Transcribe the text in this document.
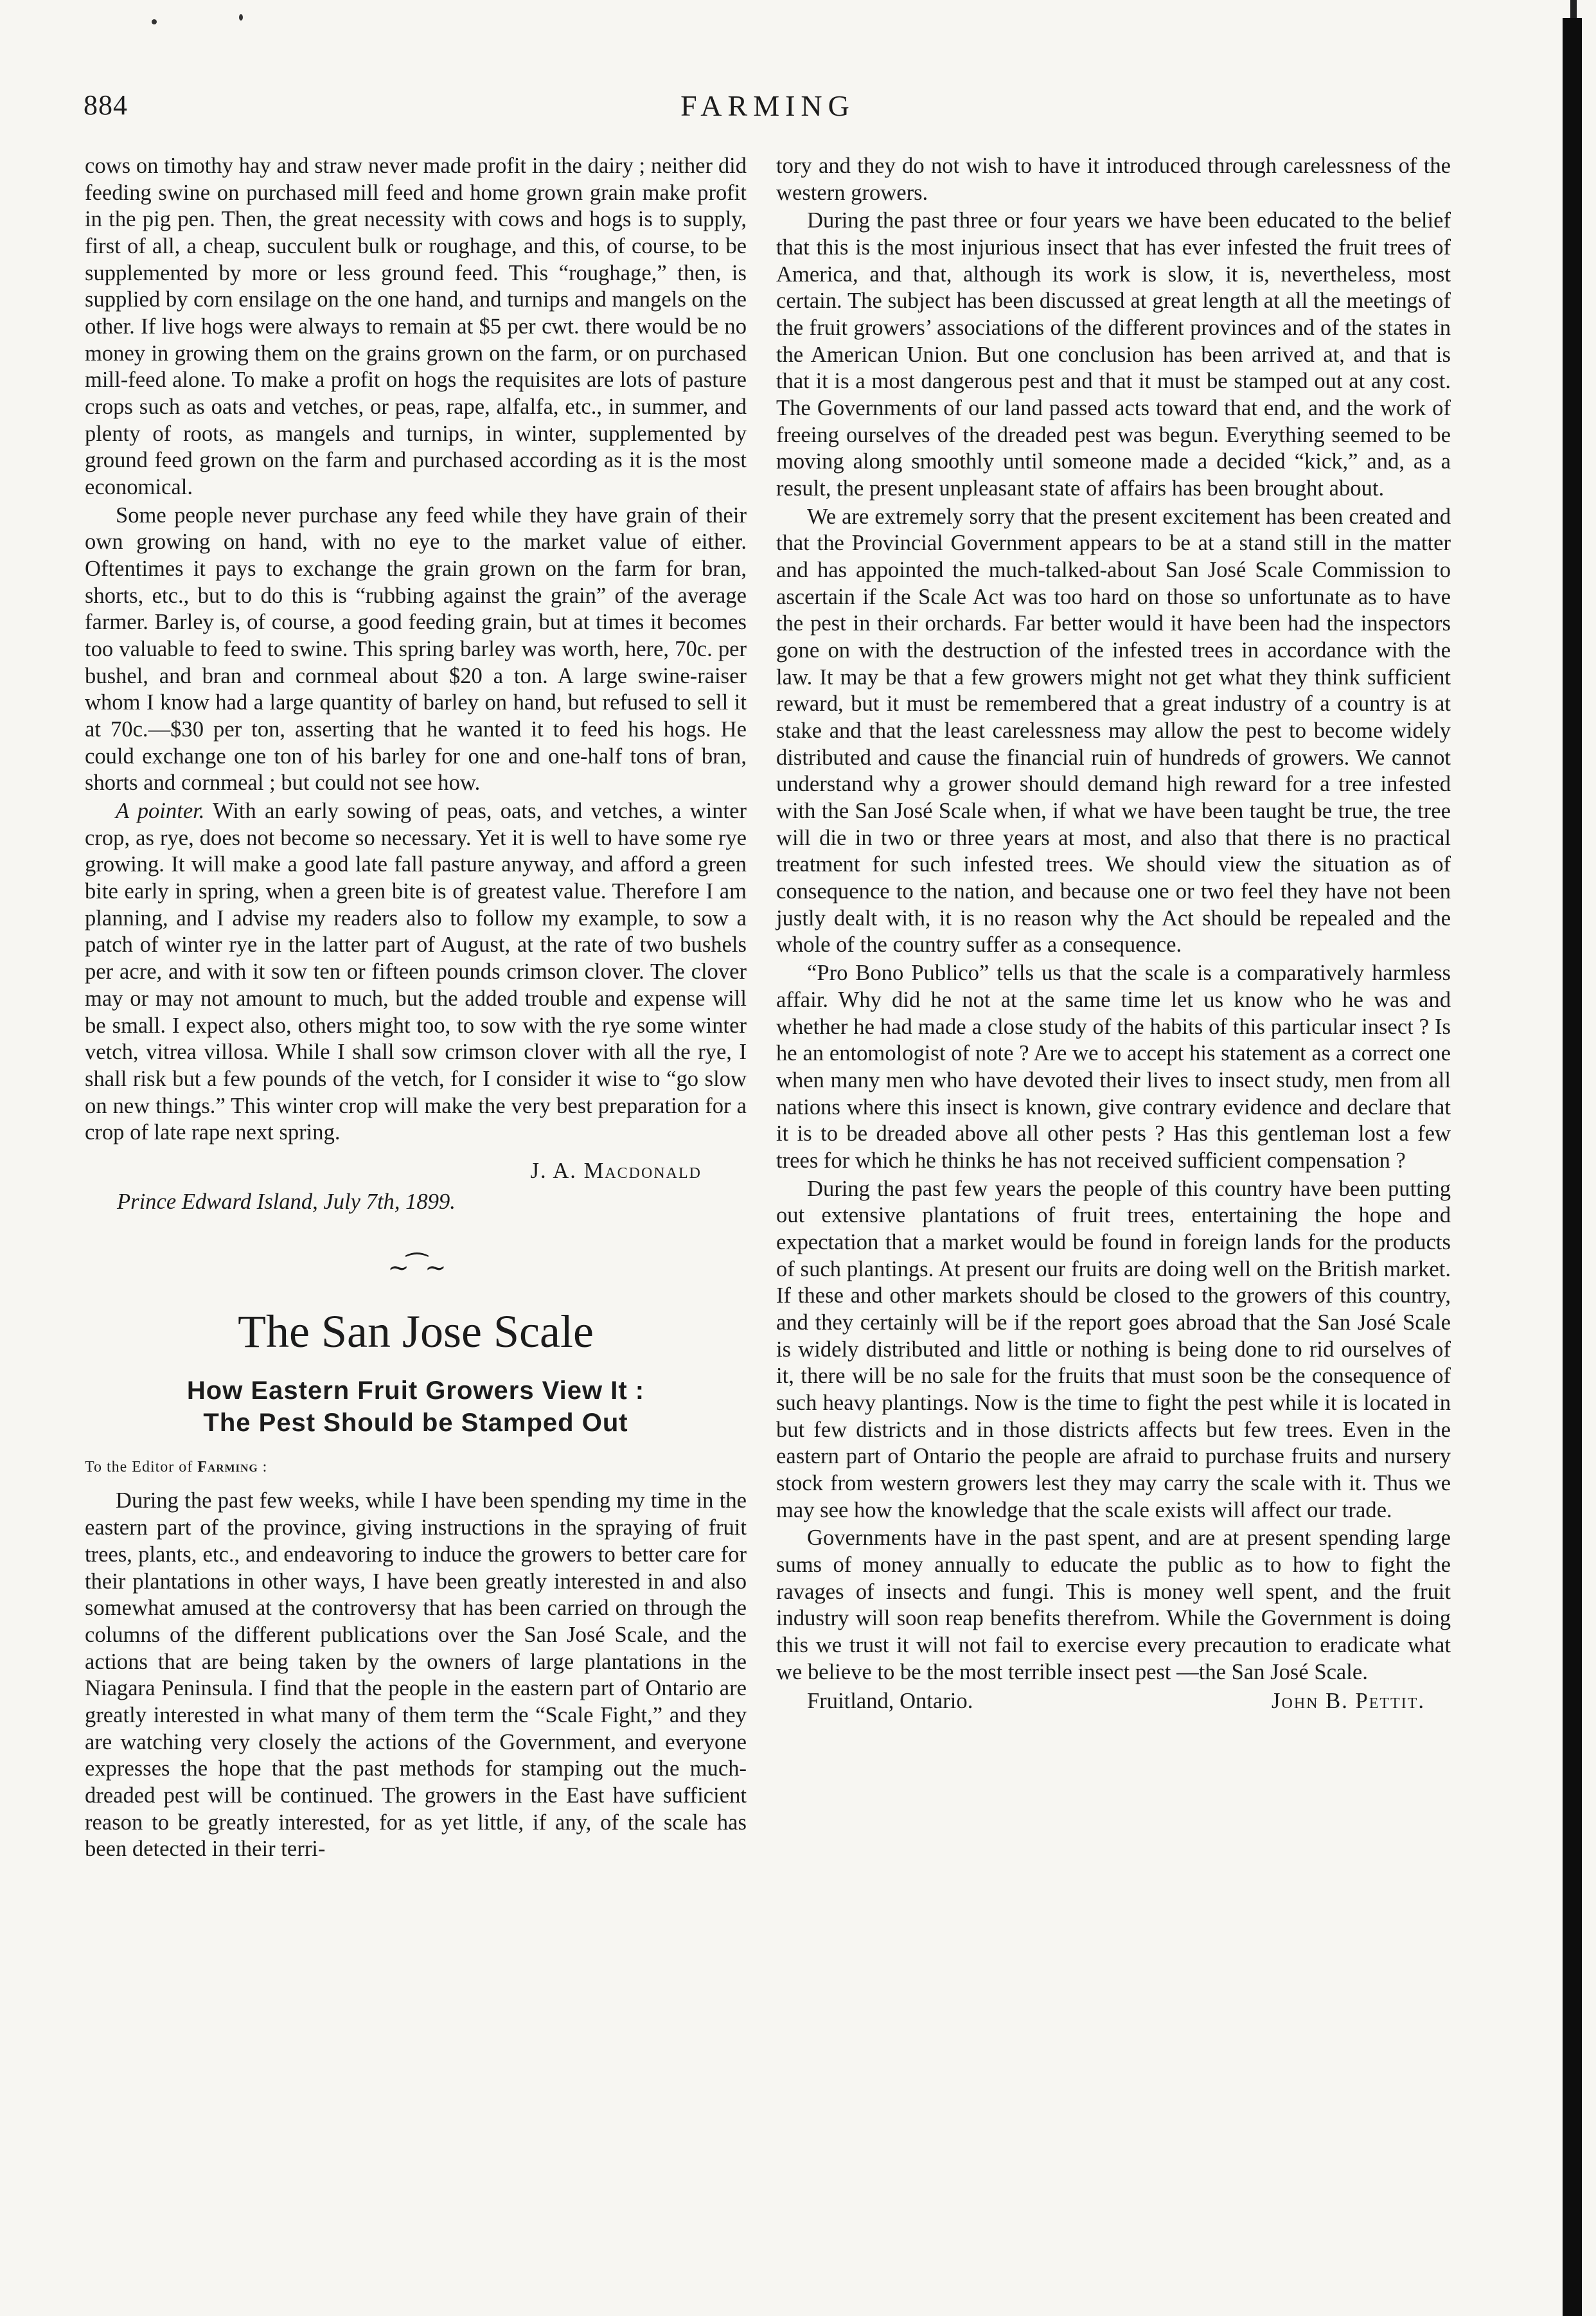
884	FARMING

cows on timothy hay and straw never made profit in the dairy ; neither did feeding swine on purchased mill feed and home grown grain make profit in the pig pen. Then, the great necessity with cows and hogs is to supply, first of all, a cheap, succulent bulk or roughage, and this, of course, to be supplemented by more or less ground feed. This “roughage,” then, is supplied by corn ensilage on the one hand, and turnips and mangels on the other. If live hogs were always to remain at $5 per cwt. there would be no money in growing them on the grains grown on the farm, or on purchased mill-feed alone. To make a profit on hogs the requisites are lots of pasture crops such as oats and vetches, or peas, rape, alfalfa, etc., in summer, and plenty of roots, as mangels and turnips, in winter, supplemented by ground feed grown on the farm and purchased according as it is the most economical.

Some people never purchase any feed while they have grain of their own growing on hand, with no eye to the market value of either. Oftentimes it pays to exchange the grain grown on the farm for bran, shorts, etc., but to do this is “rubbing against the grain” of the average farmer. Barley is, of course, a good feeding grain, but at times it becomes too valuable to feed to swine. This spring barley was worth, here, 70c. per bushel, and bran and cornmeal about $20 a ton. A large swine-raiser whom I know had a large quantity of barley on hand, but refused to sell it at 70c.—$30 per ton, asserting that he wanted it to feed his hogs. He could exchange one ton of his barley for one and one-half tons of bran, shorts and cornmeal ; but could not see how.

A pointer. With an early sowing of peas, oats, and vetches, a winter crop, as rye, does not become so necessary. Yet it is well to have some rye growing. It will make a good late fall pasture anyway, and afford a green bite early in spring, when a green bite is of greatest value. Therefore I am planning, and I advise my readers also to follow my example, to sow a patch of winter rye in the latter part of August, at the rate of two bushels per acre, and with it sow ten or fifteen pounds crimson clover. The clover may or may not amount to much, but the added trouble and expense will be small. I expect also, others might too, to sow with the rye some winter vetch, vitrea villosa. While I shall sow crimson clover with all the rye, I shall risk but a few pounds of the vetch, for I consider it wise to “go slow on new things.” This winter crop will make the very best preparation for a crop of late rape next spring.

J. A. Macdonald
Prince Edward Island, July 7th, 1899.
∼⁀∼
The San Jose Scale
How Eastern Fruit Growers View It :
The Pest Should be Stamped Out
To the Editor of Farming :

During the past few weeks, while I have been spending my time in the eastern part of the province, giving instructions in the spraying of fruit trees, plants, etc., and endeavoring to induce the growers to better care for their plantations in other ways, I have been greatly interested in and also somewhat amused at the controversy that has been carried on through the columns of the different publications over the San José Scale, and the actions that are being taken by the owners of large plantations in the Niagara Peninsula. I find that the people in the eastern part of Ontario are greatly interested in what many of them term the “Scale Fight,” and they are watching very closely the actions of the Government, and everyone expresses the hope that the past methods for stamping out the much-dreaded pest will be continued. The growers in the East have sufficient reason to be greatly interested, for as yet little, if any, of the scale has been detected in their terri-

tory and they do not wish to have it introduced through carelessness of the western growers.

During the past three or four years we have been educated to the belief that this is the most injurious insect that has ever infested the fruit trees of America, and that, although its work is slow, it is, nevertheless, most certain. The subject has been discussed at great length at all the meetings of the fruit growers’ associations of the different provinces and of the states in the American Union. But one conclusion has been arrived at, and that is that it is a most dangerous pest and that it must be stamped out at any cost. The Governments of our land passed acts toward that end, and the work of freeing ourselves of the dreaded pest was begun. Everything seemed to be moving along smoothly until someone made a decided “kick,” and, as a result, the present unpleasant state of affairs has been brought about.

We are extremely sorry that the present excitement has been created and that the Provincial Government appears to be at a stand still in the matter and has appointed the much-talked-about San José Scale Commission to ascertain if the Scale Act was too hard on those so unfortunate as to have the pest in their orchards. Far better would it have been had the inspectors gone on with the destruction of the infested trees in accordance with the law. It may be that a few growers might not get what they think sufficient reward, but it must be remembered that a great industry of a country is at stake and that the least carelessness may allow the pest to become widely distributed and cause the financial ruin of hundreds of growers. We cannot understand why a grower should demand high reward for a tree infested with the San José Scale when, if what we have been taught be true, the tree will die in two or three years at most, and also that there is no practical treatment for such infested trees. We should view the situation as of consequence to the nation, and because one or two feel they have not been justly dealt with, it is no reason why the Act should be repealed and the whole of the country suffer as a consequence.

“Pro Bono Publico” tells us that the scale is a comparatively harmless affair. Why did he not at the same time let us know who he was and whether he had made a close study of the habits of this particular insect ? Is he an entomologist of note ? Are we to accept his statement as a correct one when many men who have devoted their lives to insect study, men from all nations where this insect is known, give contrary evidence and declare that it is to be dreaded above all other pests ? Has this gentleman lost a few trees for which he thinks he has not received sufficient compensation ?

During the past few years the people of this country have been putting out extensive plantations of fruit trees, entertaining the hope and expectation that a market would be found in foreign lands for the products of such plantings. At present our fruits are doing well on the British market. If these and other markets should be closed to the growers of this country, and they certainly will be if the report goes abroad that the San José Scale is widely distributed and little or nothing is being done to rid ourselves of it, there will be no sale for the fruits that must soon be the consequence of such heavy plantings. Now is the time to fight the pest while it is located in but few districts and in those districts affects but few trees. Even in the eastern part of Ontario the people are afraid to purchase fruits and nursery stock from western growers lest they may carry the scale with it. Thus we may see how the knowledge that the scale exists will affect our trade.

Governments have in the past spent, and are at present spending large sums of money annually to educate the public as to how to fight the ravages of insects and fungi. This is money well spent, and the fruit industry will soon reap benefits therefrom. While the Government is doing this we trust it will not fail to exercise every precaution to eradicate what we believe to be the most terrible insect pest —the San José Scale.

Fruitland, Ontario.	John B. Pettit.
